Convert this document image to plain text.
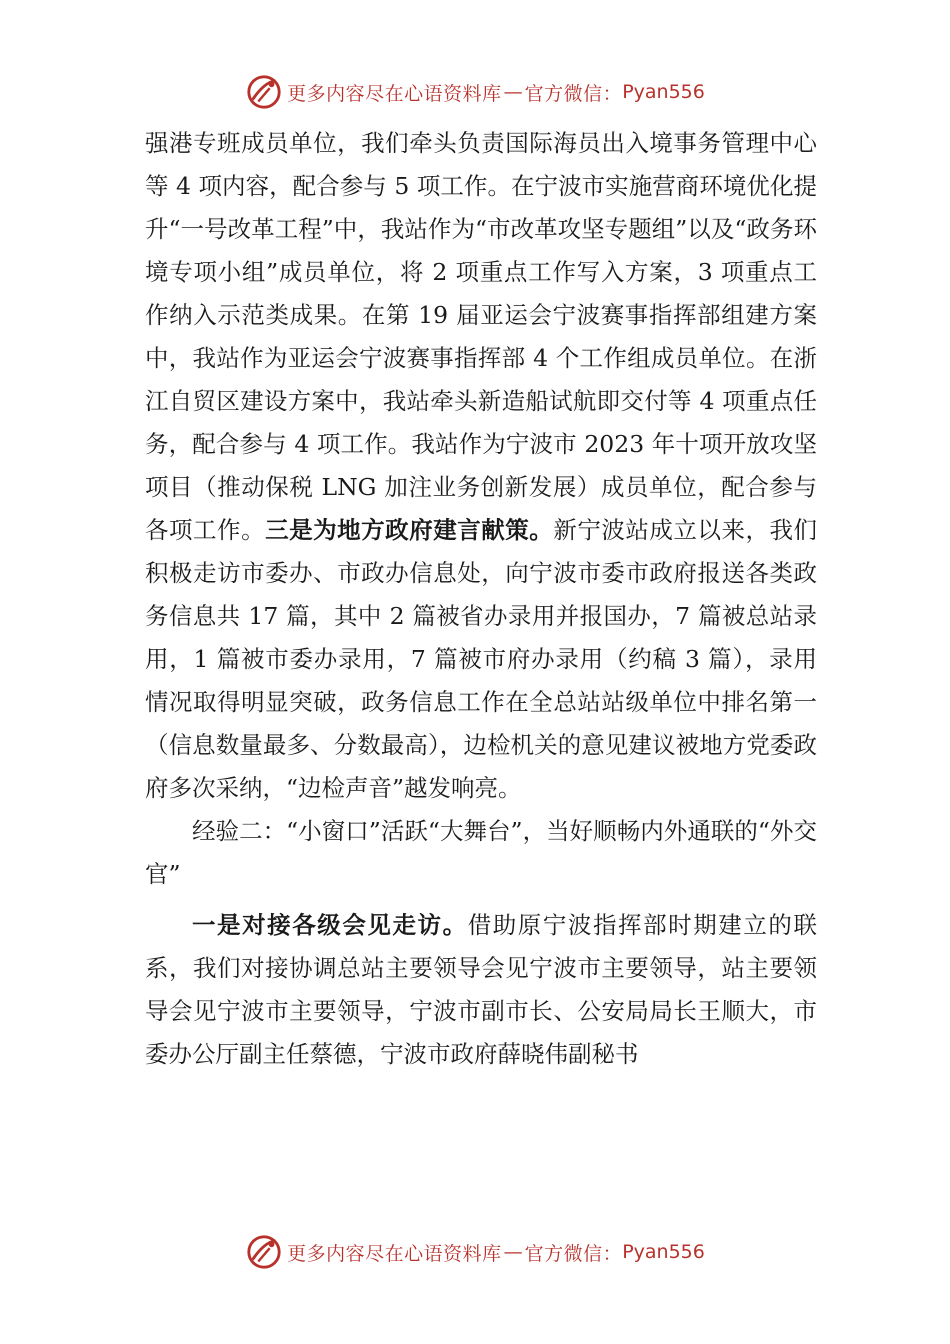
更多内容尽在心语资料库 — 官方微信： Pyan556

强港专班成员单位，我们牵头负责国际海员出入境事务管理中心等 4 项内容，配合参与 5 项工作。在宁波市实施营商环境优化提升“一号改革工程”中，我站作为“市改革攻坚专题组”以及“政务环境专项小组”成员单位，将 2 项重点工作写入方案，3 项重点工作纳入示范类成果。在第 19 届亚运会宁波赛事指挥部组建方案中，我站作为亚运会宁波赛事指挥部 4 个工作组成员单位。在浙江自贸区建设方案中，我站牵头新造船试航即交付等 4 项重点任务，配合参与 4 项工作。我站作为宁波市 2023 年十项开放攻坚项目（推动保税 LNG 加注业务创新发展）成员单位，配合参与各项工作。三是为地方政府建言献策。新宁波站成立以来，我们积极走访市委办、市政办信息处，向宁波市委市政府报送各类政务信息共 17 篇，其中 2 篇被省办录用并报国办，7 篇被总站录用，1 篇被市委办录用，7 篇被市府办录用（约稿 3 篇），录用情况取得明显突破，政务信息工作在全总站站级单位中排名第一（信息数量最多、分数最高），边检机关的意见建议被地方党委政府多次采纳，“边检声音”越发响亮。

经验二：“小窗口”活跃“大舞台”，当好顺畅内外通联的“外交官”

一是对接各级会见走访。借助原宁波指挥部时期建立的联系，我们对接协调总站主要领导会见宁波市主要领导，站主要领导会见宁波市主要领导，宁波市副市长、公安局局长王顺大，市委办公厅副主任蔡德，宁波市政府薛晓伟副秘书

更多内容尽在心语资料库 — 官方微信： Pyan556
